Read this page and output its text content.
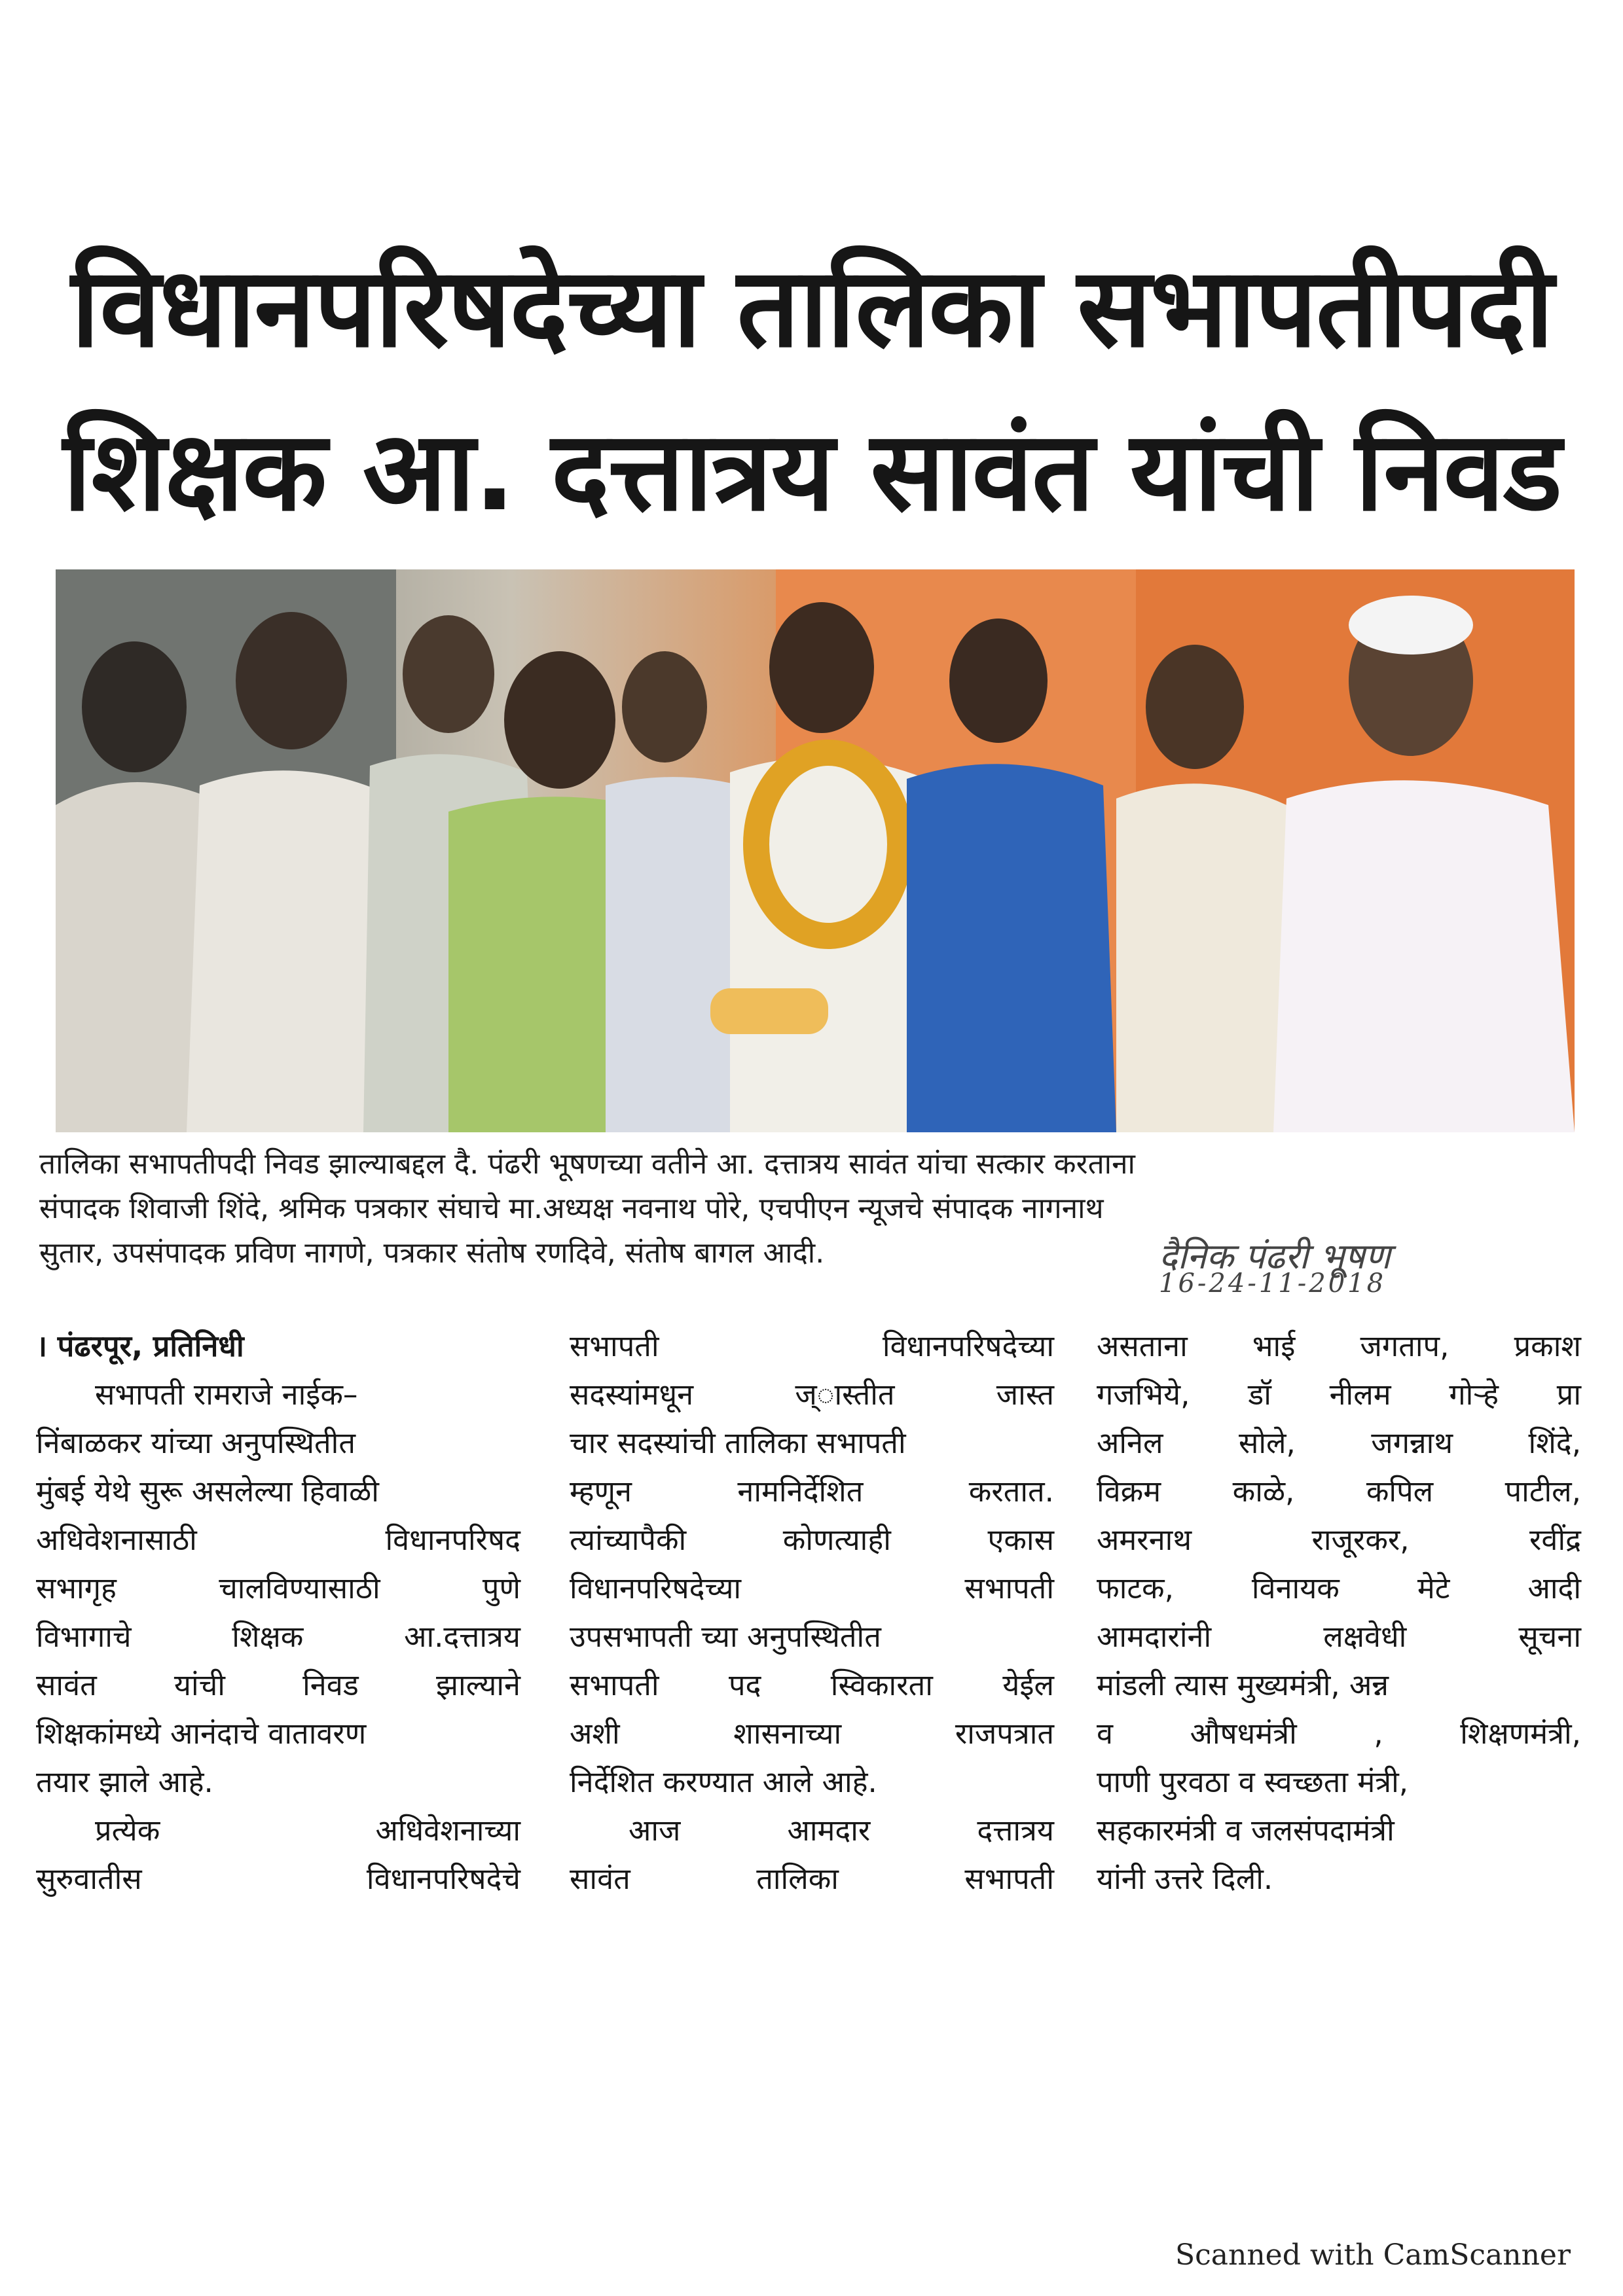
विधानपरिषदेच्या तालिका सभापतीपदी
शिक्षक आ. दत्तात्रय सावंत यांची निवड
तालिका सभापतीपदी निवड झाल्याबद्दल दै. पंढरी भूषणच्या वतीने आ. दत्तात्रय सावंत यांचा सत्कार करताना
संपादक शिवाजी शिंदे, श्रमिक पत्रकार संघाचे मा.अध्यक्ष नवनाथ पोरे, एचपीएन न्यूजचे संपादक नागनाथ
सुतार, उपसंपादक प्रविण नागणे, पत्रकार संतोष रणदिवे, संतोष बागल आदी.	दैनिक पंढरी भूषण
16-24-11-2018
। पंढरपूर, प्रतिनिधी
सभापती रामराजे नाईक–
निंबाळकर यांच्या अनुपस्थितीत
मुंबई येथे सुरू असलेल्या हिवाळी
अधिवेशनासाठी विधानपरिषद
सभागृह चालविण्यासाठी पुणे
विभागाचे शिक्षक आ.दत्तात्रय
सावंत यांची निवड झाल्याने
शिक्षकांमध्ये आनंदाचे वातावरण
तयार झाले आहे.
प्रत्येक अधिवेशनाच्या
सुरुवातीस विधानपरिषदेचे
सभापती विधानपरिषदेच्या
सदस्यांमधून ज्ास्तीत जास्त
चार सदस्यांची तालिका सभापती
म्हणून नामनिर्देशित करतात.
त्यांच्यापैकी कोणत्याही एकास
विधानपरिषदेच्या सभापती
उपसभापती च्या अनुपस्थितीत
सभापती पद स्विकारता येईल
अशी शासनाच्या राजपत्रात
निर्देशित करण्यात आले आहे.
आज आमदार दत्तात्रय
सावंत तालिका सभापती
असताना भाई जगताप, प्रकाश
गजभिये, डॉ नीलम गोऱ्हे प्रा
अनिल सोले, जगन्नाथ शिंदे,
विक्रम काळे, कपिल पाटील,
अमरनाथ राजूरकर, रवींद्र
फाटक, विनायक मेटे आदी
आमदारांनी लक्षवेधी सूचना
मांडली त्यास मुख्यमंत्री, अन्न
व औषधमंत्री , शिक्षणमंत्री,
पाणी पुरवठा व स्वच्छता मंत्री,
सहकारमंत्री व जलसंपदामंत्री
यांनी उत्तरे दिली.
Scanned with CamScanner
